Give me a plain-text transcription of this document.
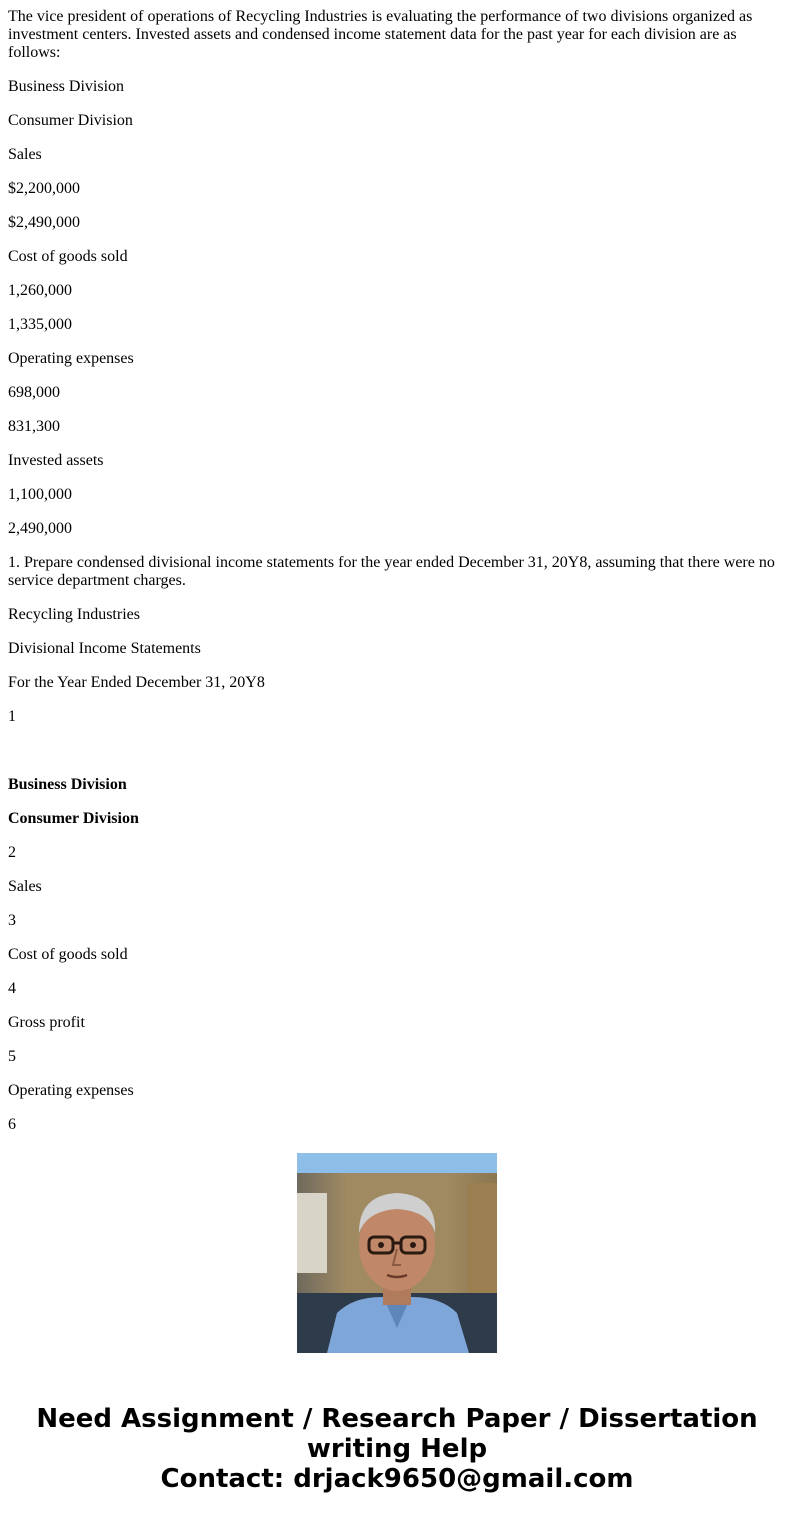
The vice president of operations of Recycling Industries is evaluating the performance of two divisions organized as investment centers. Invested assets and condensed income statement data for the past year for each division are as follows:

Business Division

Consumer Division

Sales

$2,200,000

$2,490,000

Cost of goods sold

1,260,000

1,335,000

Operating expenses

698,000

831,300

Invested assets

1,100,000

2,490,000

1. Prepare condensed divisional income statements for the year ended December 31, 20Y8, assuming that there were no service department charges.

Recycling Industries

Divisional Income Statements

For the Year Ended December 31, 20Y8

1

Business Division

Consumer Division

2

Sales

3

Cost of goods sold

4

Gross profit

5

Operating expenses

6

Need Assignment / Research Paper / Dissertation
writing Help
Contact: drjack9650@gmail.com
